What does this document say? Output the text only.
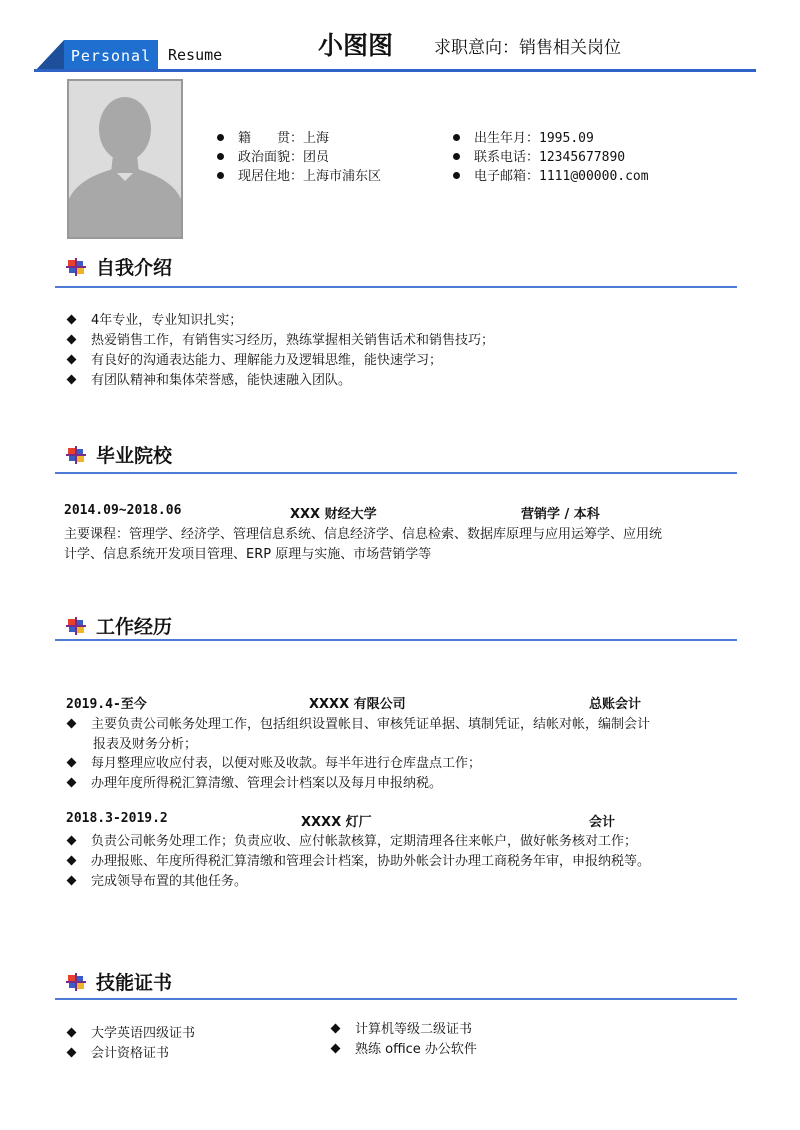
Personal	Resume	小图图 求职意向：销售相关岗位
籍　　贯：上海
政治面貌：团员
现居住地：上海市浦东区
出生年月：1995.09
联系电话：12345677890
电子邮箱：1111@00000.com
自我介绍
4年专业，专业知识扎实；
热爱销售工作，有销售实习经历，熟练掌握相关销售话术和销售技巧；
有良好的沟通表达能力、理解能力及逻辑思维，能快速学习；
有团队精神和集体荣誉感，能快速融入团队。
毕业院校
2014.09~2018.06	XXX 财经大学	营销学 / 本科
主要课程：管理学、经济学、管理信息系统、信息经济学、信息检索、数据库原理与应用运筹学、应用统
计学、信息系统开发项目管理、ERP 原理与实施、市场营销学等
工作经历
2019.4-至今	XXXX 有限公司	总账会计
主要负责公司帐务处理工作，包括组织设置帐目、审核凭证单据、填制凭证，结帐对帐，编制会计
报表及财务分析；
每月整理应收应付表，以便对账及收款。每半年进行仓库盘点工作；
办理年度所得税汇算清缴、管理会计档案以及每月申报纳税。
2018.3-2019.2	XXXX 灯厂	会计
负责公司帐务处理工作；负责应收、应付帐款核算，定期清理各往来帐户，做好帐务核对工作；
办理报账、年度所得税汇算清缴和管理会计档案，协助外帐会计办理工商税务年审，申报纳税等。
完成领导布置的其他任务。
技能证书
大学英语四级证书
会计资格证书
计算机等级二级证书
熟练 office 办公软件
